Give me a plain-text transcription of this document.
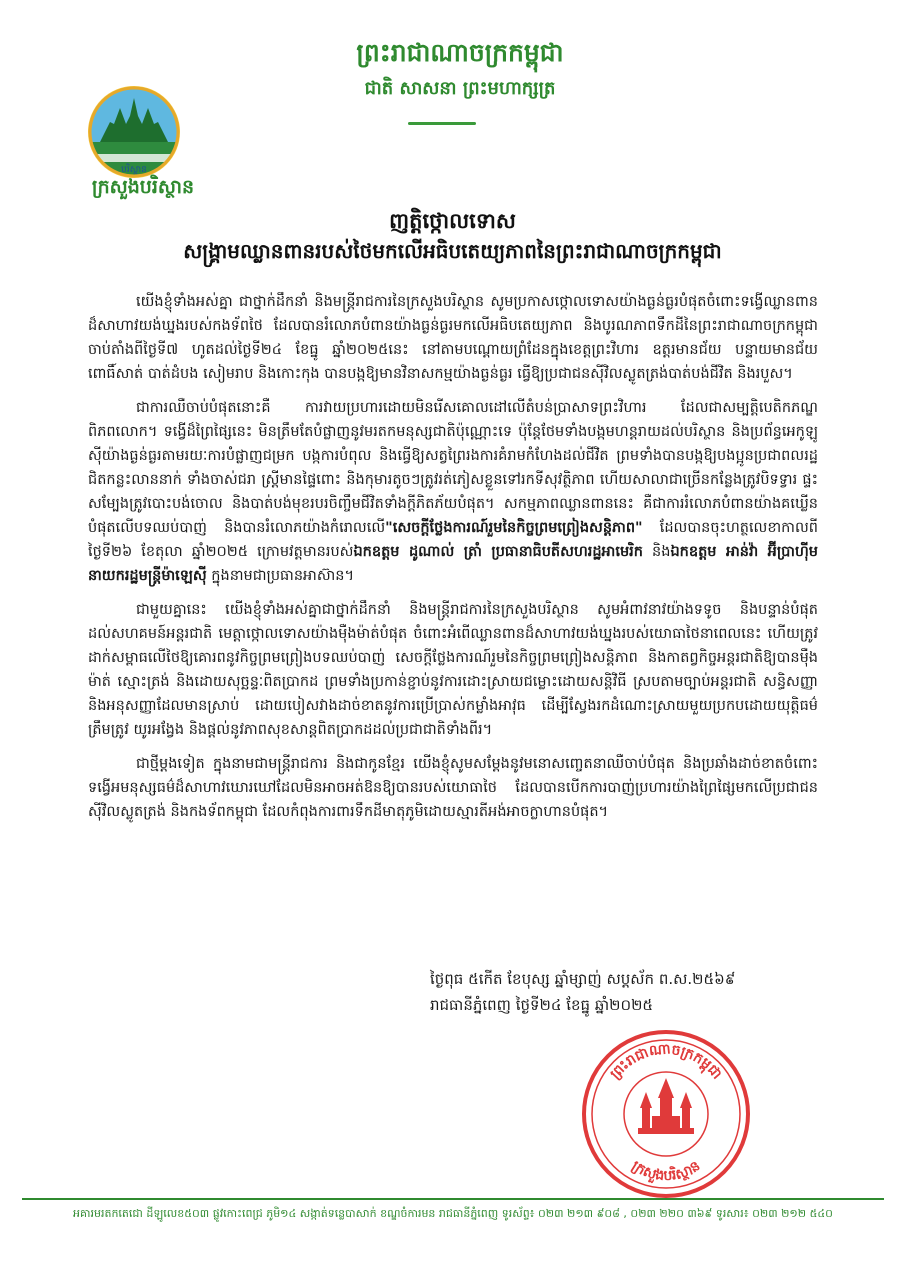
បរិស្ថាន
ក្រសួងបរិស្ថាន
ព្រះរាជាណាចក្រកម្ពុជា
ជាតិ សាសនា ព្រះមហាក្សត្រ
ញត្តិថ្កោលទោស
សង្គ្រាមឈ្លានពានរបស់ថៃមកលើអធិបតេយ្យភាពនៃព្រះរាជាណាចក្រកម្ពុជា

យើងខ្ញុំទាំងអស់គ្នា ជាថ្នាក់ដឹកនាំ និងមន្ត្រីរាជការនៃក្រសួងបរិស្ថាន សូមប្រកាសថ្កោលទោសយ៉ាងធ្ងន់ធ្ងរបំផុតចំពោះទង្វើឈ្លានពានដ៏សាហាវយង់ឃ្នងរបស់កងទ័ពថៃ ដែលបានរំលោភបំពានយ៉ាងធ្ងន់ធ្ងរមកលើអធិបតេយ្យភាព និងបូរណភាពទឹកដីនៃព្រះរាជាណាចក្រកម្ពុជា ចាប់តាំងពីថ្ងៃទី៧ ហូតដល់ថ្ងៃទី២៤ ខែធ្នូ ឆ្នាំ២០២៥នេះ នៅតាមបណ្តោយព្រំដែនក្នុងខេត្តព្រះវិហារ ឧត្តរមានជ័យ បន្ទាយមានជ័យ ពោធិ៍សាត់ បាត់ដំបង សៀមរាប និងកោះកុង បានបង្កឱ្យមានវិនាសកម្មយ៉ាងធ្ងន់ធ្ងរ ធ្វើឱ្យប្រជាជនស៊ីវិលស្លូតត្រង់បាត់បង់ជីវិត និងរបួស។

ជាការឈឺចាប់បំផុតនោះគឺ ការវាយប្រហារដោយមិនរើសគោលដៅលើតំបន់ប្រាសាទព្រះវិហារ ដែលជាសម្បត្តិបេតិកភណ្ឌពិភពលោក។ ទង្វើដ៏ព្រៃផ្សៃនេះ មិនត្រឹមតែបំផ្លាញនូវមរតកមនុស្សជាតិប៉ុណ្ណោះទេ ប៉ុន្តែថែមទាំងបង្កមហន្តរាយដល់បរិស្ថាន និងប្រព័ន្ធអេកូឡូស៊ីយ៉ាងធ្ងន់ធ្ងរតាមរយៈការបំផ្លាញជម្រក បង្កការបំពុល និងធ្វើឱ្យសត្វព្រៃរងការគំរាមកំហែងដល់ជីវិត ព្រមទាំងបានបង្កឱ្យបងប្អូនប្រជាពលរដ្ឋជិតកន្លះលាននាក់ ទាំងចាស់ជរា ស្ត្រីមានផ្ទៃពោះ និងកុមារតូចៗត្រូវរត់ភៀសខ្លួនទៅរកទីសុវត្ថិភាព ហើយសាលាជាច្រើនកន្លែងត្រូវបិទទ្វារ ផ្ទះសម្បែងត្រូវបោះបង់ចោល និងបាត់បង់មុខរបរចិញ្ចឹមជីវិតទាំងក្តីភិតភ័យបំផុត។ សកម្មភាពឈ្លានពាននេះ គឺជាការរំលោភបំពានយ៉ាងគឃ្លើនបំផុតលើបទឈប់បាញ់ និងបានរំលោភយ៉ាងកំរោលលើ"សេចក្តីថ្លែងការណ៍រួមនៃកិច្ចព្រមព្រៀងសន្តិភាព" ដែលបានចុះហត្ថលេខាកាលពីថ្ងៃទី២៦ ខែតុលា ឆ្នាំ២០២៥ ក្រោមវត្តមានរបស់ឯកឧត្តម ដូណាល់ ត្រាំ ប្រធានាធិបតីសហរដ្ឋអាមេរិក និងឯកឧត្តម អាន់វ៉ា អ៊ីប្រាហ៊ីម នាយករដ្ឋមន្ត្រីម៉ាឡេស៊ី ក្នុងនាមជាប្រធានអាស៊ាន។

ជាមួយគ្នានេះ យើងខ្ញុំទាំងអស់គ្នាជាថ្នាក់ដឹកនាំ និងមន្ត្រីរាជការនៃក្រសួងបរិស្ថាន សូមអំពាវនាវយ៉ាងទទូច និងបន្ទាន់បំផុតដល់សហគមន៍អន្តរជាតិ មេត្តាថ្កោលទោសយ៉ាងម៉ឺងម៉ាត់បំផុត ចំពោះអំពើឈ្លានពានដ៏សាហាវយង់ឃ្នងរបស់យោធាថៃនាពេលនេះ ហើយត្រូវដាក់សម្ពាធលើថៃឱ្យគោរពនូវកិច្ចព្រមព្រៀងបទឈប់បាញ់ សេចក្តីថ្លែងការណ៍រួមនៃកិច្ចព្រមព្រៀងសន្តិភាព និងកាតព្វកិច្ចអន្តរជាតិឱ្យបានម៉ឺងម៉ាត់ ស្មោះត្រង់ និងដោយសុច្ឆន្ទៈពិតប្រាកដ ព្រមទាំងប្រកាន់ខ្ជាប់នូវការដោះស្រាយជម្លោះដោយសន្តិវិធី ស្របតាមច្បាប់អន្តរជាតិ សន្ធិសញ្ញា និងអនុសញ្ញាដែលមានស្រាប់ ដោយបៀសវាងដាច់ខាតនូវការប្រើប្រាស់កម្លាំងអាវុធ ដើម្បីស្វែងរកដំណោះស្រាយមួយប្រកបដោយយុត្តិធម៌ ត្រឹមត្រូវ យូរអង្វែង និងផ្តល់នូវភាពសុខសាន្តពិតប្រាកដដល់ប្រជាជាតិទាំងពីរ។

ជាថ្មីម្តងទៀត ក្នុងនាមជាមន្ត្រីរាជការ និងជាកូនខ្មែរ យើងខ្ញុំសូមសម្តែងនូវមនោសញ្ចេតនាឈឺចាប់បំផុត និងប្រឆាំងដាច់ខាតចំពោះទង្វើអមនុស្សធម៌ដ៏សាហាវឃោរឃៅដែលមិនអាចអត់ឱនឱ្យបានរបស់យោធាថៃ ដែលបានបើកការបាញ់ប្រហារយ៉ាងព្រៃផ្សៃមកលើប្រជាជនស៊ីវិលស្លូតត្រង់ និងកងទ័ពកម្ពុជា ដែលកំពុងការពារទឹកដីមាតុភូមិដោយស្មារតីអង់អាចក្លាហានបំផុត។

ថ្ងៃពុធ ៥កើត ខែបុស្ស ឆ្នាំម្សាញ់ សប្តស័ក ព.ស.២៥៦៩
រាជធានីភ្នំពេញ ថ្ងៃទី២៤ ខែធ្នូ ឆ្នាំ២០២៥
ព្រះរាជាណាចក្រកម្ពុជា
ក្រសួងបរិស្ថាន
អគារមរតកតេជោ ដីឡូលេខ៥០៣ ផ្លូវកោះពេជ្រ ភូមិ១៤ សង្កាត់ទន្លេបាសាក់ ខណ្ឌចំការមន រាជធានីភ្នំពេញ ទូរស័ព្ទ៖ ០២៣ ២១៣ ៩០៨ , ០២៣ ២២០ ៣៦៩ ទូរសារ៖ ០២៣ ២១២ ៥៤០
